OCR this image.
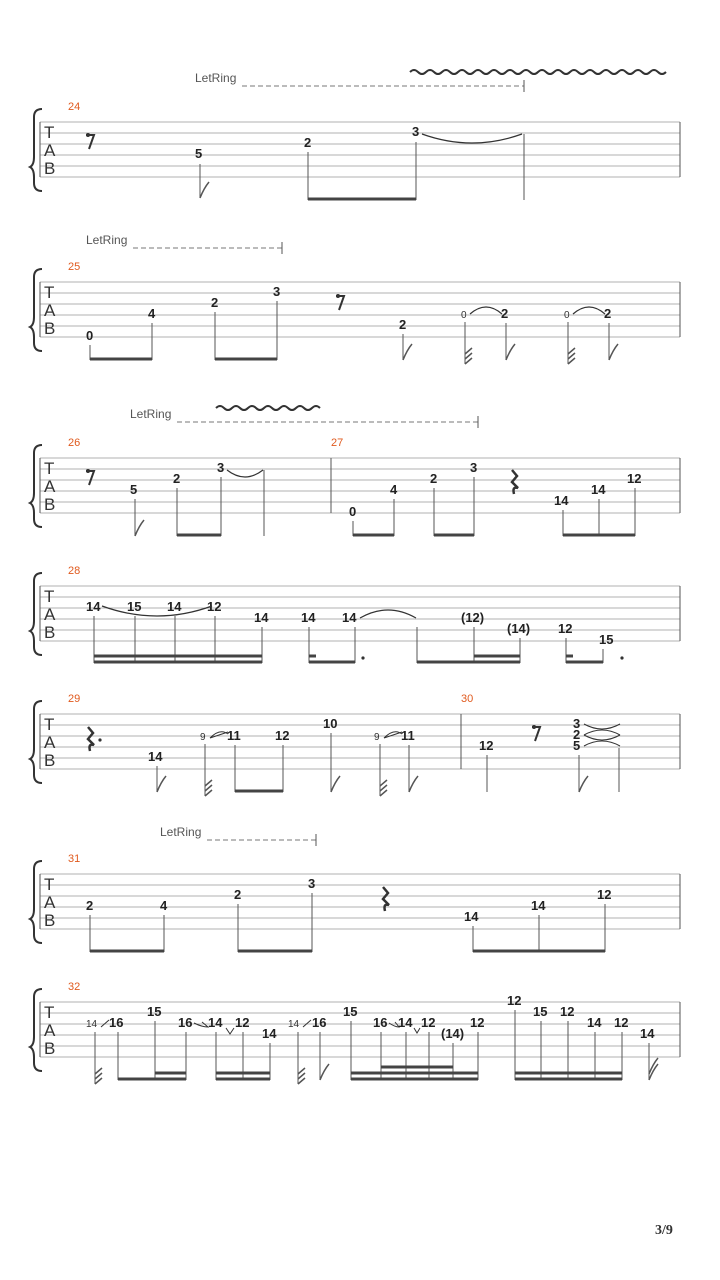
LetRing
24
T
A
B
5
2
3
LetRing
25
T
A
B 0
4
2
3
2
0	2	0	2
LetRing
26	27
T
A
B
5
2
3
0
4
2
3
14
14
12
28
T
A
B
14 15 14 12
14	14 14	(12)
(14) 12
15
29	30
T
A
B	14
9 11	12
10
9 11
12
3
2
5
LetRing
31
T
A
B
2	4
2
3
14
14
12
32
T
A
B
14 16
15
16 14 12
14
14 16
15
16 14 12
(14)
12
12
15 12
14 12
14
3/9
